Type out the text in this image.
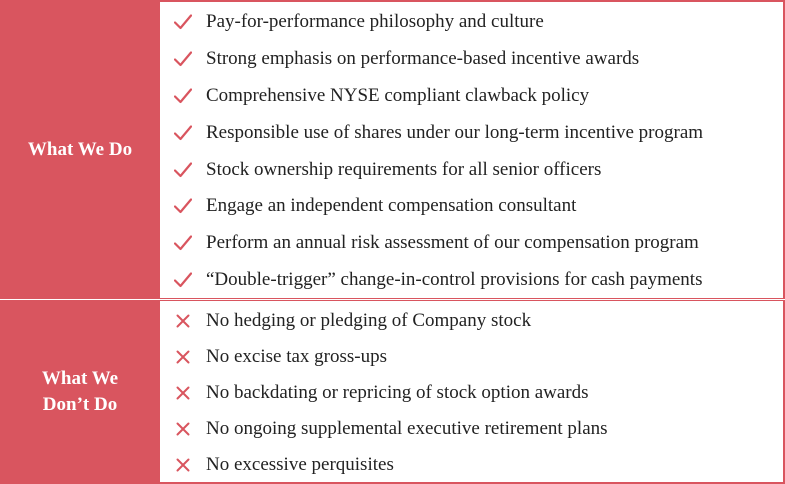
What We Do
Pay-for-performance philosophy and culture
Strong emphasis on performance-based incentive awards
Comprehensive NYSE compliant clawback policy
Responsible use of shares under our long-term incentive program
Stock ownership requirements for all senior officers
Engage an independent compensation consultant
Perform an annual risk assessment of our compensation program
“Double-trigger” change-in-control provisions for cash payments
What We
Don’t Do
No hedging or pledging of Company stock
No excise tax gross-ups
No backdating or repricing of stock option awards
No ongoing supplemental executive retirement plans
No excessive perquisites
